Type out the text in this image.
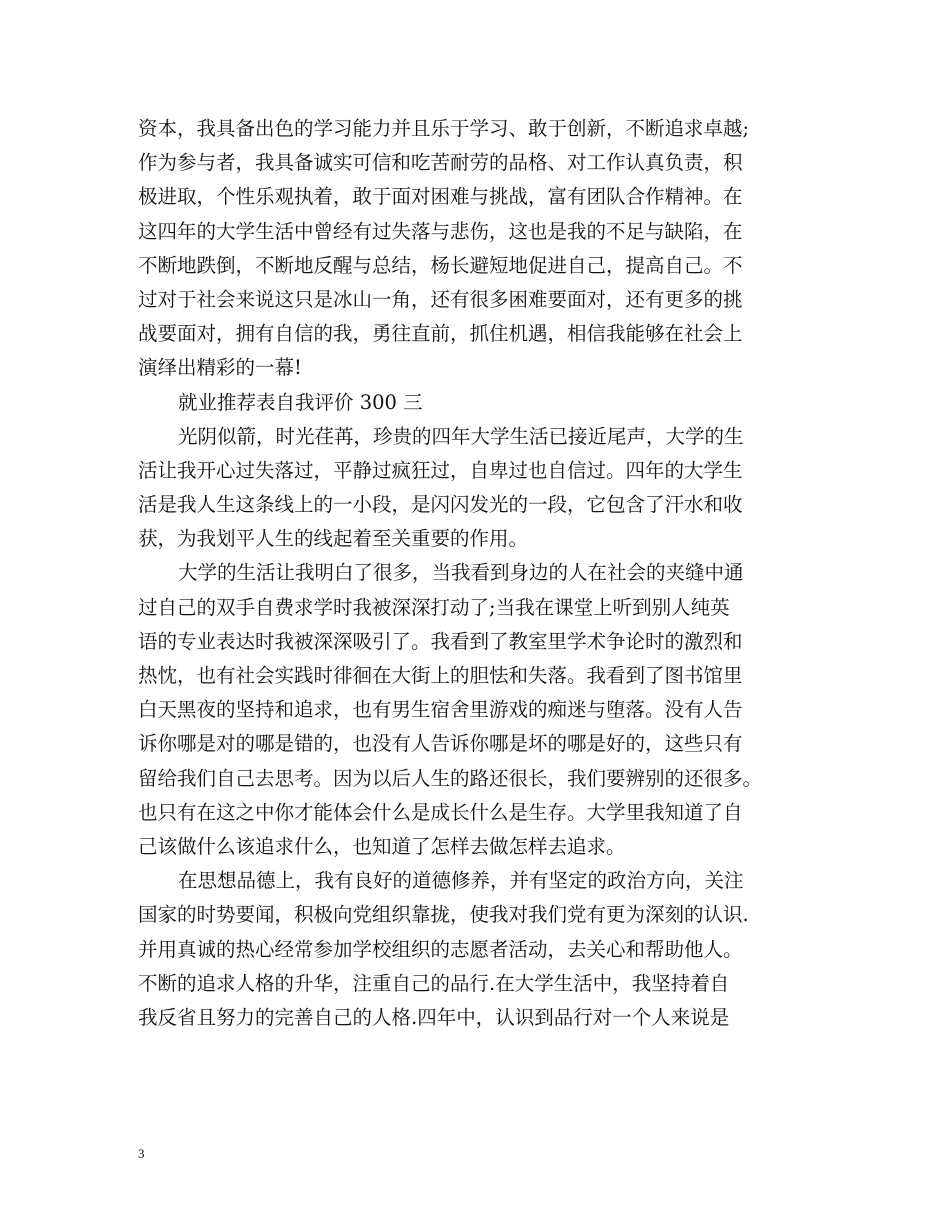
资本，我具备出色的学习能力并且乐于学习、敢于创新，不断追求卓越;
作为参与者，我具备诚实可信和吃苦耐劳的品格、对工作认真负责，积
极进取，个性乐观执着，敢于面对困难与挑战，富有团队合作精神。在
这四年的大学生活中曾经有过失落与悲伤，这也是我的不足与缺陷，在
不断地跌倒，不断地反醒与总结，杨长避短地促进自己，提高自己。不
过对于社会来说这只是冰山一角，还有很多困难要面对，还有更多的挑
战要面对，拥有自信的我，勇往直前，抓住机遇，相信我能够在社会上
演绎出精彩的一幕!
就业推荐表自我评价 300 三
光阴似箭，时光荏苒，珍贵的四年大学生活已接近尾声，大学的生
活让我开心过失落过，平静过疯狂过，自卑过也自信过。四年的大学生
活是我人生这条线上的一小段，是闪闪发光的一段，它包含了汗水和收
获，为我划平人生的线起着至关重要的作用。
大学的生活让我明白了很多，当我看到身边的人在社会的夹缝中通
过自己的双手自费求学时我被深深打动了;当我在课堂上听到别人纯英
语的专业表达时我被深深吸引了。我看到了教室里学术争论时的激烈和
热忱，也有社会实践时徘徊在大街上的胆怯和失落。我看到了图书馆里
白天黑夜的坚持和追求，也有男生宿舍里游戏的痴迷与堕落。没有人告
诉你哪是对的哪是错的，也没有人告诉你哪是坏的哪是好的，这些只有
留给我们自己去思考。因为以后人生的路还很长，我们要辨别的还很多。
也只有在这之中你才能体会什么是成长什么是生存。大学里我知道了自
己该做什么该追求什么，也知道了怎样去做怎样去追求。
在思想品德上，我有良好的道德修养，并有坚定的政治方向，关注
国家的时势要闻，积极向党组织靠拢，使我对我们党有更为深刻的认识.
并用真诚的热心经常参加学校组织的志愿者活动，去关心和帮助他人。
不断的追求人格的升华，注重自己的品行.在大学生活中，我坚持着自
我反省且努力的完善自己的人格.四年中，认识到品行对一个人来说是
3
